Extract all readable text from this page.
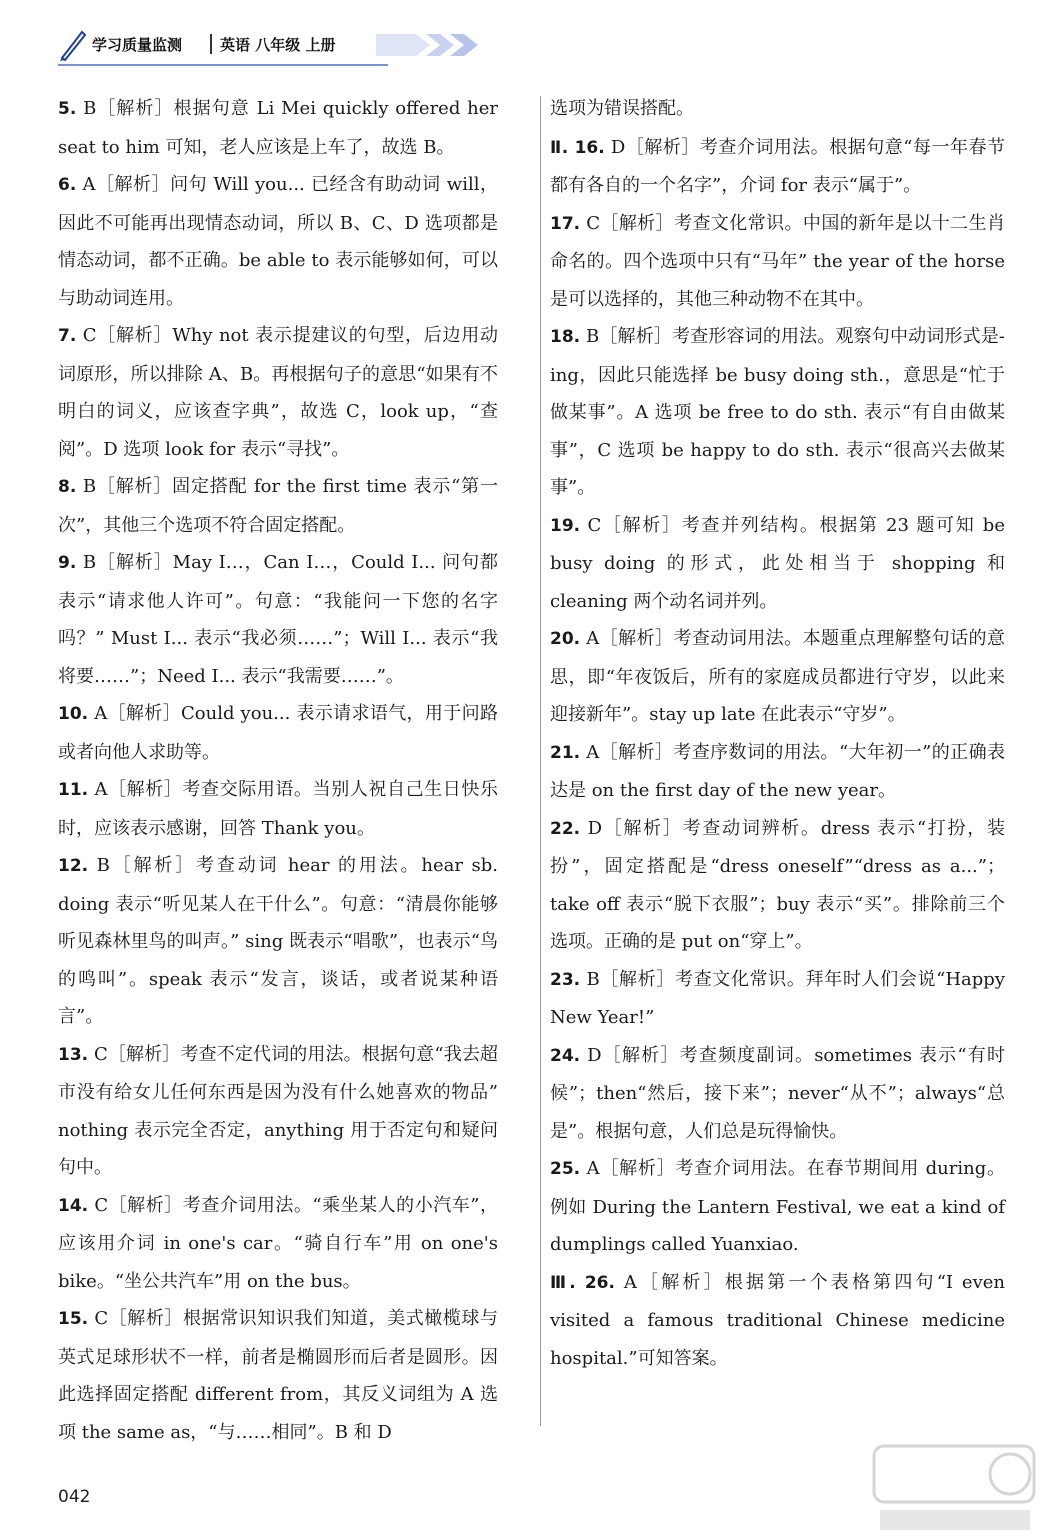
学习质量监测	英语 八年级 上册

5. B［解析］根据句意 Li Mei quickly offered her seat to him 可知，老人应该是上车了，故选 B。

6. A［解析］问句 Will you... 已经含有助动词 will，因此不可能再出现情态动词，所以 B、C、D 选项都是情态动词，都不正确。be able to 表示能够如何，可以与助动词连用。

7. C［解析］Why not 表示提建议的句型，后边用动词原形，所以排除 A、B。再根据句子的意思“如果有不明白的词义，应该查字典”，故选 C，look up，“查阅”。D 选项 look for 表示“寻找”。

8. B［解析］固定搭配 for the first time 表示“第一次”，其他三个选项不符合固定搭配。

9. B［解析］May I…，Can I…，Could I... 问句都表示“请求他人许可”。句意：“我能问一下您的名字吗？” Must I... 表示“我必须……”；Will I... 表示“我将要……”；Need I... 表示“我需要……”。

10. A［解析］Could you... 表示请求语气，用于问路或者向他人求助等。

11. A［解析］考查交际用语。当别人祝自己生日快乐时，应该表示感谢，回答 Thank you。

12. B［解析］考查动词 hear 的用法。hear sb. doing 表示“听见某人在干什么”。句意：“清晨你能够听见森林里鸟的叫声。” sing 既表示“唱歌”，也表示“鸟的鸣叫”。speak 表示“发言，谈话，或者说某种语言”。

13. C［解析］考查不定代词的用法。根据句意“我去超市没有给女儿任何东西是因为没有什么她喜欢的物品” nothing 表示完全否定，anything 用于否定句和疑问句中。

14. C［解析］考查介词用法。“乘坐某人的小汽车”，应该用介词 in one's car。“骑自行车”用 on one's bike。“坐公共汽车”用 on the bus。

15. C［解析］根据常识知识我们知道，美式橄榄球与英式足球形状不一样，前者是椭圆形而后者是圆形。因此选择固定搭配 different from，其反义词组为 A 选项 the same as，“与……相同”。B 和 D

选项为错误搭配。

Ⅱ. 16. D［解析］考查介词用法。根据句意“每一年春节都有各自的一个名字”，介词 for 表示“属于”。

17. C［解析］考查文化常识。中国的新年是以十二生肖命名的。四个选项中只有“马年” the year of the horse 是可以选择的，其他三种动物不在其中。

18. B［解析］考查形容词的用法。观察句中动词形式是-ing，因此只能选择 be busy doing sth.，意思是“忙于做某事”。A 选项 be free to do sth. 表示“有自由做某事”，C 选项 be happy to do sth. 表示“很高兴去做某事”。

19. C［解析］考查并列结构。根据第 23 题可知 be busy doing 的形式，此处相当于 shopping 和 cleaning 两个动名词并列。

20. A［解析］考查动词用法。本题重点理解整句话的意思，即“年夜饭后，所有的家庭成员都进行守岁，以此来迎接新年”。stay up late 在此表示“守岁”。

21. A［解析］考查序数词的用法。“大年初一”的正确表达是 on the first day of the new year。

22. D［解析］考查动词辨析。dress 表示“打扮，装扮”，固定搭配是“dress oneself”“dress as a...”；take off 表示“脱下衣服”；buy 表示“买”。排除前三个选项。正确的是 put on“穿上”。

23. B［解析］考查文化常识。拜年时人们会说“Happy New Year!”

24. D［解析］考查频度副词。sometimes 表示“有时候”；then“然后，接下来”；never“从不”；always“总是”。根据句意，人们总是玩得愉快。

25. A［解析］考查介词用法。在春节期间用 during。例如 During the Lantern Festival, we eat a kind of dumplings called Yuanxiao.

Ⅲ. 26. A［解析］根据第一个表格第四句“I even visited a famous traditional Chinese medicine hospital.”可知答案。

042
